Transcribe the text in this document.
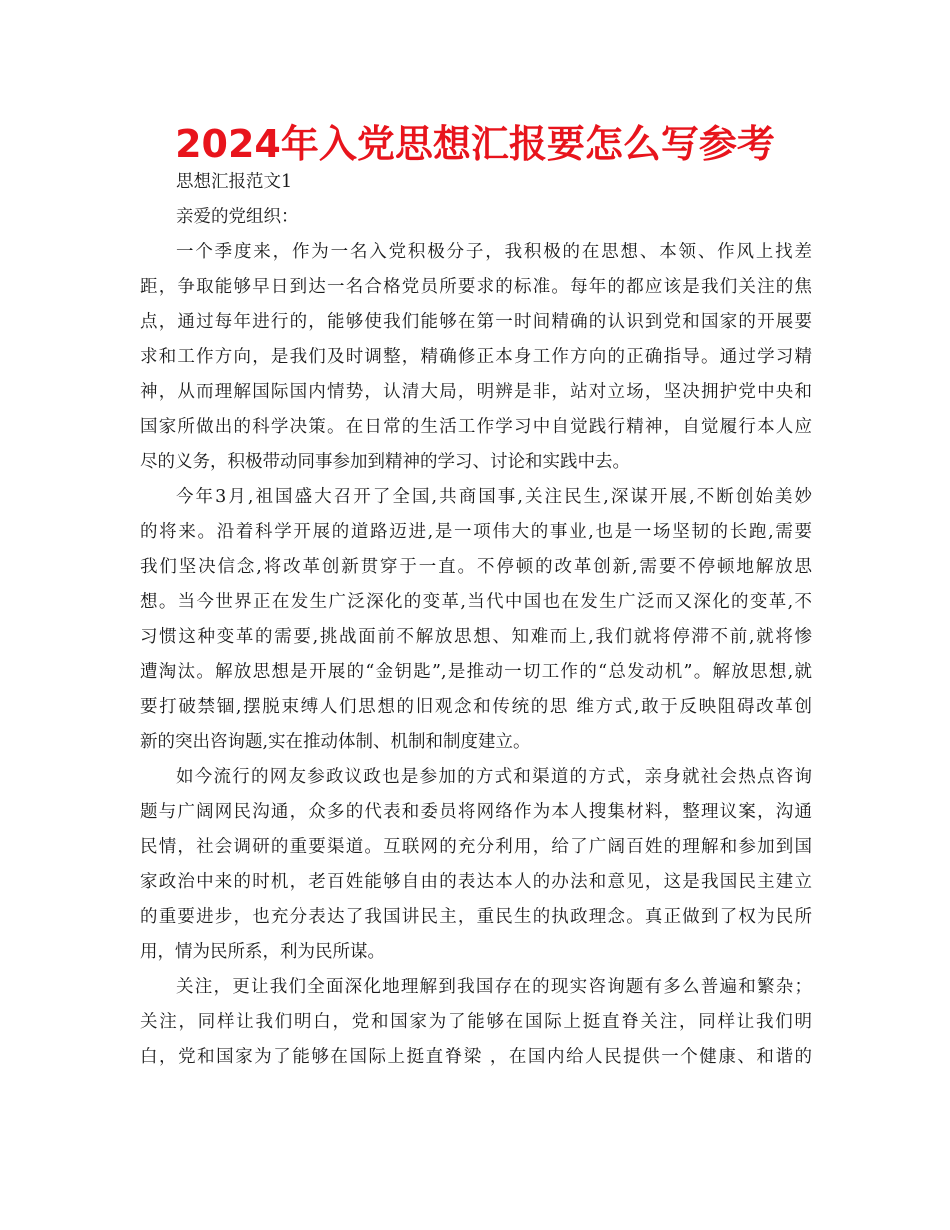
2024年入党思想汇报要怎么写参考
思想汇报范文1
亲爱的党组织：
一个季度来，作为一名入党积极分子，我积极的在思想、本领、作风上找差
距，争取能够早日到达一名合格党员所要求的标准。每年的都应该是我们关注的焦
点，通过每年进行的，能够使我们能够在第一时间精确的认识到党和国家的开展要
求和工作方向，是我们及时调整，精确修正本身工作方向的正确指导。通过学习精
神，从而理解国际国内情势，认清大局，明辨是非，站对立场，坚决拥护党中央和
国家所做出的科学决策。在日常的生活工作学习中自觉践行精神，自觉履行本人应
尽的义务，积极带动同事参加到精神的学习、讨论和实践中去。
今年3月,祖国盛大召开了全国,共商国事,关注民生,深谋开展,不断创始美妙
的将来。沿着科学开展的道路迈进,是一项伟大的事业,也是一场坚韧的长跑,需要
我们坚决信念,将改革创新贯穿于一直。不停顿的改革创新,需要不停顿地解放思
想。当今世界正在发生广泛深化的变革,当代中国也在发生广泛而又深化的变革,不
习惯这种变革的需要,挑战面前不解放思想、知难而上,我们就将停滞不前,就将惨
遭淘汰。解放思想是开展的“金钥匙”,是推动一切工作的“总发动机”。解放思想,就
要打破禁锢,摆脱束缚人们思想的旧观念和传统的思 维方式,敢于反映阻碍改革创
新的突出咨询题,实在推动体制、机制和制度建立。
如今流行的网友参政议政也是参加的方式和渠道的方式，亲身就社会热点咨询
题与广阔网民沟通，众多的代表和委员将网络作为本人搜集材料，整理议案，沟通
民情，社会调研的重要渠道。互联网的充分利用，给了广阔百姓的理解和参加到国
家政治中来的时机，老百姓能够自由的表达本人的办法和意见，这是我国民主建立
的重要进步，也充分表达了我国讲民主，重民生的执政理念。真正做到了权为民所
用，情为民所系，利为民所谋。
关注，更让我们全面深化地理解到我国存在的现实咨询题有多么普遍和繁杂；
关注，同样让我们明白，党和国家为了能够在国际上挺直脊关注，同样让我们明
白，党和国家为了能够在国际上挺直脊梁 ，在国内给人民提供一个健康、和谐的
